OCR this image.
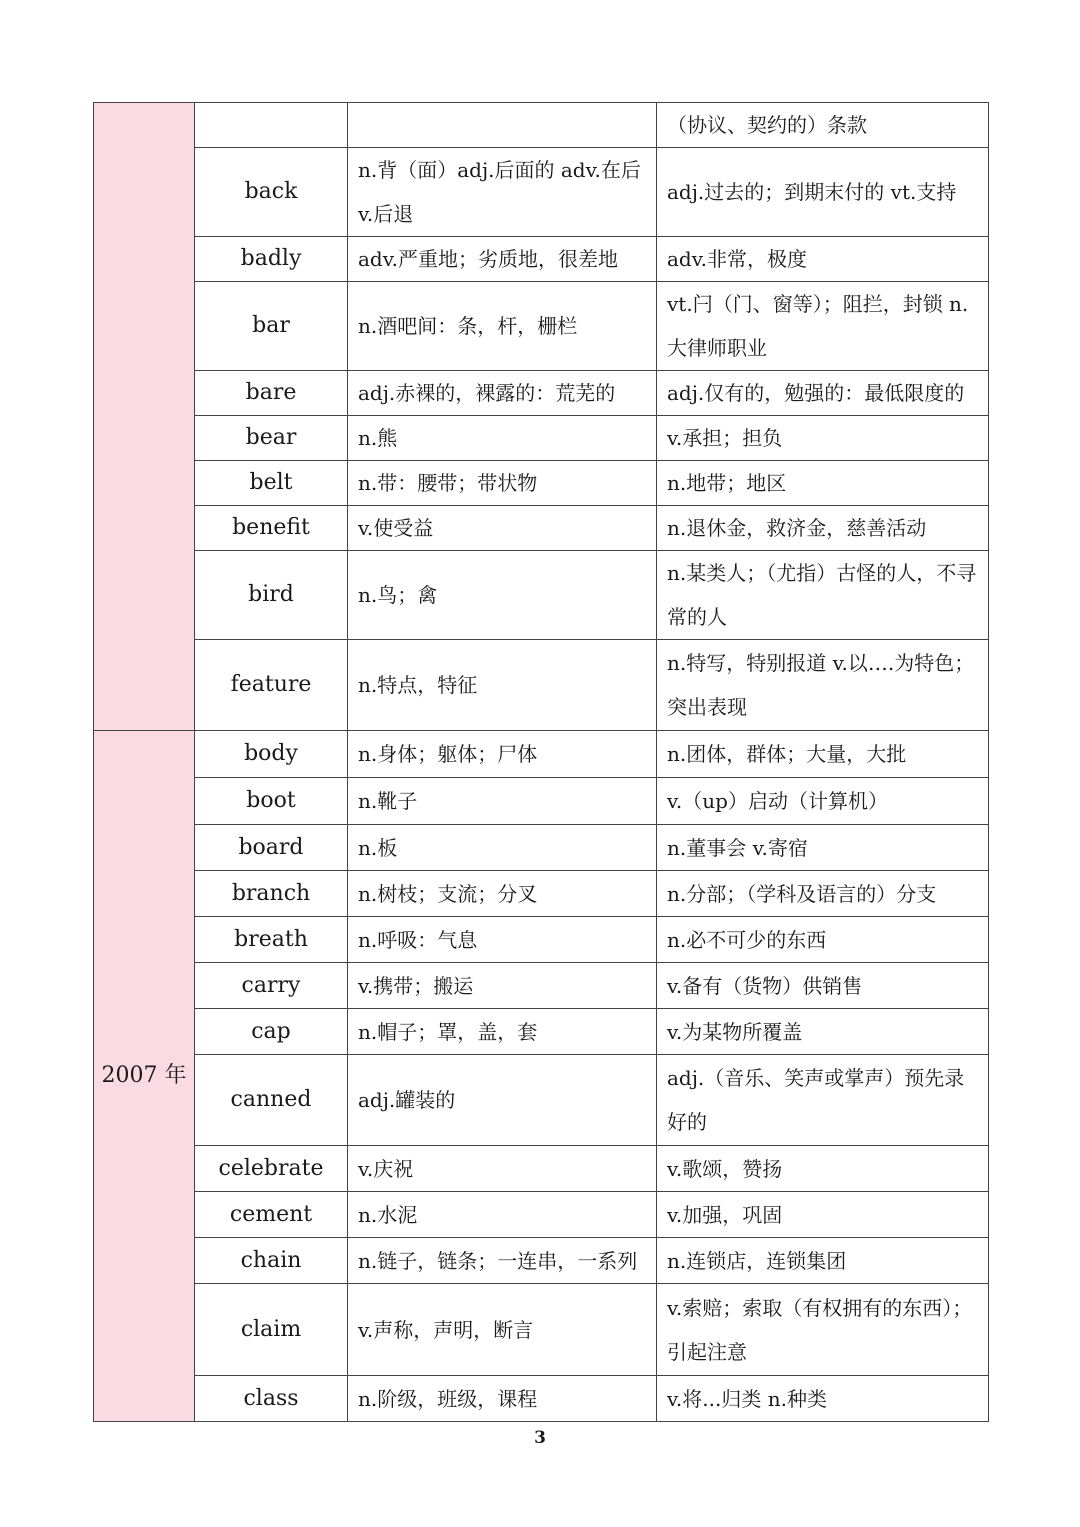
			（协议、契约的）条款
	back	n.背（面）adj.后面的 adv.在后 v.后退	adj.过去的；到期末付的 vt.支持
	badly	adv.严重地；劣质地，很差地	adv.非常，极度
	bar	n.酒吧间：条，杆，栅栏	vt.闩（门、窗等）；阻拦，封锁 n.大律师职业
	bare	adj.赤裸的，裸露的：荒芜的	adj.仅有的，勉强的：最低限度的
	bear	n.熊	v.承担；担负
	belt	n.带：腰带；带状物	n.地带；地区
	benefit	v.使受益	n.退休金，救济金，慈善活动
	bird	n.鸟；禽	n.某类人；（尤指）古怪的人，不寻常的人
	feature	n.特点，特征	n.特写，特别报道 v.以….为特色；突出表现
2007 年	body	n.身体；躯体；尸体	n.团体，群体；大量，大批
	boot	n.靴子	v.（up）启动（计算机）
	board	n.板	n.董事会 v.寄宿
	branch	n.树枝；支流；分叉	n.分部；（学科及语言的）分支
	breath	n.呼吸：气息	n.必不可少的东西
	carry	v.携带；搬运	v.备有（货物）供销售
	cap	n.帽子；罩，盖，套	v.为某物所覆盖
	canned	adj.罐装的	adj.（音乐、笑声或掌声）预先录好的
	celebrate	v.庆祝	v.歌颂，赞扬
	cement	n.水泥	v.加强，巩固
	chain	n.链子，链条；一连串，一系列	n.连锁店，连锁集团
	claim	v.声称，声明，断言	v.索赔；索取（有权拥有的东西）；引起注意
	class	n.阶级，班级，课程	v.将...归类 n.种类
3
